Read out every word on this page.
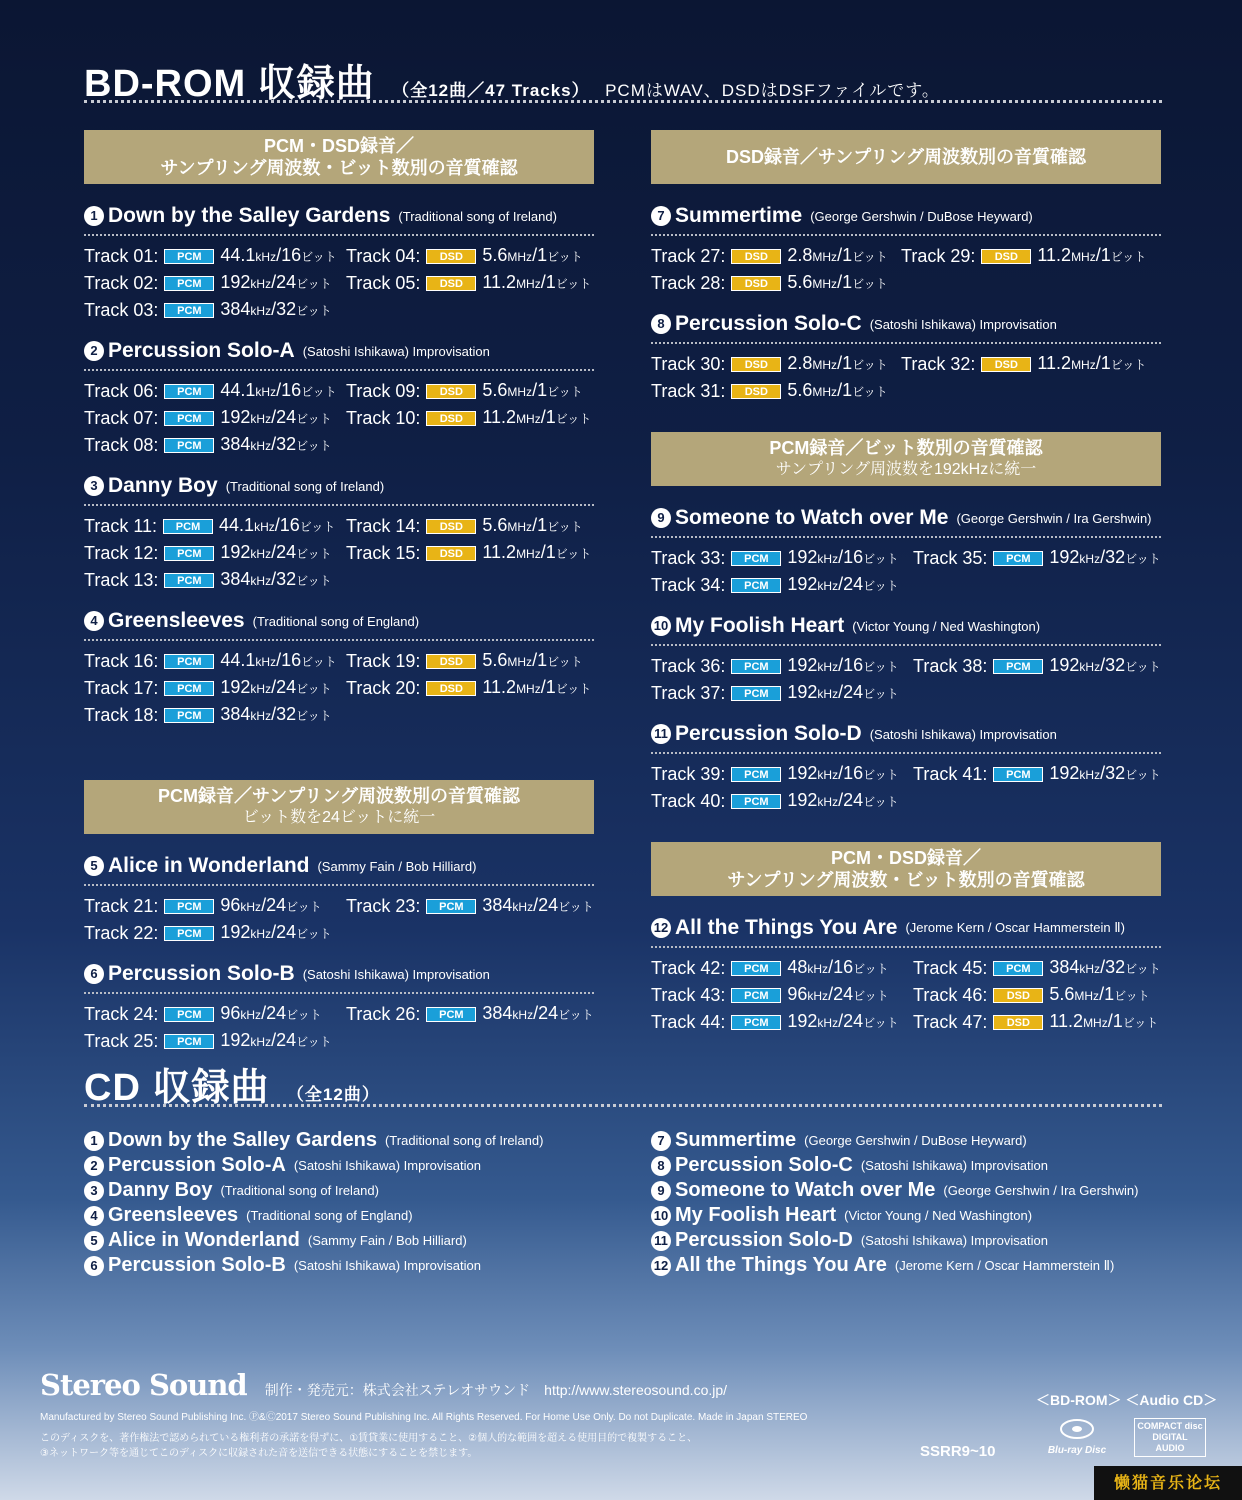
BD-ROM 収録曲 （全12曲／47 Tracks） PCMはWAV、DSDはDSFファイルです。
PCM・DSD録音／
サンプリング周波数・ビット数別の音質確認
1 Down by the Salley Gardens (Traditional song of Ireland)
Track 01:	PCM	44.1kHz/16ビット Track 04:	DSD	5.6MHz/1ビット
Track 02:	PCM	192kHz/24ビット Track 05:	DSD	11.2MHz/1ビット
Track 03:	PCM	384kHz/32ビット
2 Percussion Solo-A (Satoshi Ishikawa) Improvisation
Track 06:	PCM	44.1kHz/16ビット Track 09:	DSD	5.6MHz/1ビット
Track 07:	PCM	192kHz/24ビット Track 10:	DSD	11.2MHz/1ビット
Track 08:	PCM	384kHz/32ビット
3 Danny Boy (Traditional song of Ireland)
Track 11:	PCM	44.1kHz/16ビット Track 14:	DSD	5.6MHz/1ビット
Track 12:	PCM	192kHz/24ビット Track 15:	DSD	11.2MHz/1ビット
Track 13:	PCM	384kHz/32ビット
4 Greensleeves (Traditional song of England)
Track 16:	PCM	44.1kHz/16ビット Track 19:	DSD	5.6MHz/1ビット
Track 17:	PCM	192kHz/24ビット Track 20:	DSD	11.2MHz/1ビット
Track 18:	PCM	384kHz/32ビット
PCM録音／サンプリング周波数別の音質確認
ビット数を24ビットに統一
5 Alice in Wonderland (Sammy Fain / Bob Hilliard)
Track 21:	PCM	96kHz/24ビット Track 23:	PCM	384kHz/24ビット
Track 22:	PCM	192kHz/24ビット
6 Percussion Solo-B (Satoshi Ishikawa) Improvisation
Track 24:	PCM	96kHz/24ビット Track 26:	PCM	384kHz/24ビット
Track 25:	PCM	192kHz/24ビット
DSD録音／サンプリング周波数別の音質確認
7 Summertime (George Gershwin / DuBose Heyward)
Track 27:	DSD	2.8MHz/1ビット Track 29:	DSD	11.2MHz/1ビット
Track 28:	DSD	5.6MHz/1ビット
8 Percussion Solo-C (Satoshi Ishikawa) Improvisation
Track 30:	DSD	2.8MHz/1ビット Track 32:	DSD	11.2MHz/1ビット
Track 31:	DSD	5.6MHz/1ビット
PCM録音／ビット数別の音質確認
サンプリング周波数を192kHzに統一
9 Someone to Watch over Me (George Gershwin / Ira Gershwin)
Track 33:	PCM	192kHz/16ビット Track 35:	PCM	192kHz/32ビット
Track 34:	PCM	192kHz/24ビット
10 My Foolish Heart (Victor Young / Ned Washington)
Track 36:	PCM	192kHz/16ビット Track 38:	PCM	192kHz/32ビット
Track 37:	PCM	192kHz/24ビット
11 Percussion Solo-D (Satoshi Ishikawa) Improvisation
Track 39:	PCM	192kHz/16ビット Track 41:	PCM	192kHz/32ビット
Track 40:	PCM	192kHz/24ビット
PCM・DSD録音／
サンプリング周波数・ビット数別の音質確認
12 All the Things You Are (Jerome Kern / Oscar Hammerstein Ⅱ)
Track 42:	PCM	48kHz/16ビット Track 45:	PCM	384kHz/32ビット
Track 43:	PCM	96kHz/24ビット Track 46:	DSD	5.6MHz/1ビット
Track 44:	PCM	192kHz/24ビット Track 47:	DSD	11.2MHz/1ビット
CD 収録曲 （全12曲）
1 Down by the Salley Gardens (Traditional song of Ireland)
2 Percussion Solo-A (Satoshi Ishikawa) Improvisation
3 Danny Boy (Traditional song of Ireland)
4 Greensleeves (Traditional song of England)
5 Alice in Wonderland (Sammy Fain / Bob Hilliard)
6 Percussion Solo-B (Satoshi Ishikawa) Improvisation
7 Summertime (George Gershwin / DuBose Heyward)
8 Percussion Solo-C (Satoshi Ishikawa) Improvisation
9 Someone to Watch over Me (George Gershwin / Ira Gershwin)
10 My Foolish Heart (Victor Young / Ned Washington)
11 Percussion Solo-D (Satoshi Ishikawa) Improvisation
12 All the Things You Are (Jerome Kern / Oscar Hammerstein Ⅱ)
Stereo Sound 制作・発売元：株式会社ステレオサウンド http://www.stereosound.co.jp/
Manufactured by Stereo Sound Publishing Inc. Ⓟ&Ⓒ2017 Stereo Sound Publishing Inc. All Rights Reserved. For Home Use Only. Do not Duplicate. Made in Japan STEREO
このディスクを、著作権法で認められている権利者の承諾を得ずに、①賃貸業に使用すること、②個人的な範囲を超える使用目的で複製すること、
③ネットワーク等を通じてこのディスクに収録された音を送信できる状態にすることを禁じます。	SSRR9~10
＜BD-ROM＞ ＜Audio CD＞
Blu-ray Disc
COMPACT disc DIGITAL AUDIO
懒猫音乐论坛
